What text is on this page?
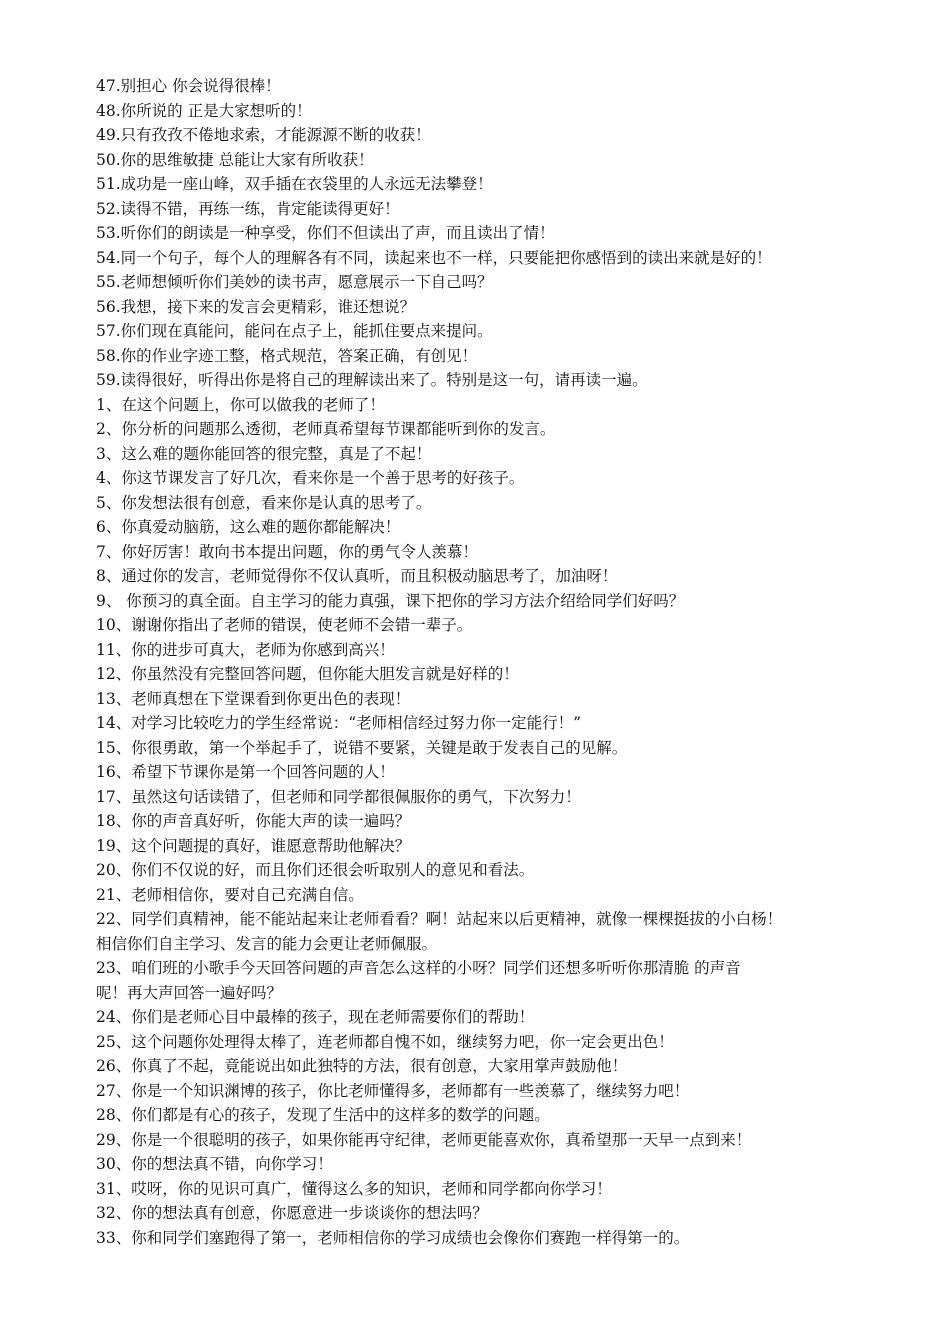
47.别担心 你会说得很棒！
48.你所说的 正是大家想听的！
49.只有孜孜不倦地求索，才能源源不断的收获！
50.你的思维敏捷 总能让大家有所收获！
51.成功是一座山峰，双手插在衣袋里的人永远无法攀登！
52.读得不错，再练一练，肯定能读得更好！
53.听你们的朗读是一种享受，你们不但读出了声，而且读出了情！
54.同一个句子，每个人的理解各有不同，读起来也不一样，只要能把你感悟到的读出来就是好的！
55.老师想倾听你们美妙的读书声，愿意展示一下自己吗？
56.我想，接下来的发言会更精彩，谁还想说？
57.你们现在真能问，能问在点子上，能抓住要点来提问。
58.你的作业字迹工整，格式规范，答案正确，有创见！
59.读得很好，听得出你是将自己的理解读出来了。特别是这一句，请再读一遍。
1、在这个问题上，你可以做我的老师了！
2、你分析的问题那么透彻，老师真希望每节课都能听到你的发言。
3、这么难的题你能回答的很完整，真是了不起！
4、你这节课发言了好几次，看来你是一个善于思考的好孩子。
5、你发想法很有创意，看来你是认真的思考了。
6、你真爱动脑筋，这么难的题你都能解决！
7、你好厉害！敢向书本提出问题，你的勇气令人羡慕！
8、通过你的发言，老师觉得你不仅认真听，而且积极动脑思考了，加油呀！
9、 你预习的真全面。自主学习的能力真强，课下把你的学习方法介绍给同学们好吗？
10、谢谢你指出了老师的错误，使老师不会错一辈子。
11、你的进步可真大，老师为你感到高兴！
12、你虽然没有完整回答问题，但你能大胆发言就是好样的！
13、老师真想在下堂课看到你更出色的表现！
14、对学习比较吃力的学生经常说：“老师相信经过努力你一定能行！”
15、你很勇敢，第一个举起手了，说错不要紧，关键是敢于发表自己的见解。
16、希望下节课你是第一个回答问题的人！
17、虽然这句话读错了，但老师和同学都很佩服你的勇气，下次努力！
18、你的声音真好听，你能大声的读一遍吗？
19、这个问题提的真好，谁愿意帮助他解决？
20、你们不仅说的好，而且你们还很会听取别人的意见和看法。
21、老师相信你，要对自己充满自信。
22、同学们真精神，能不能站起来让老师看看？啊！站起来以后更精神，就像一棵棵挺拔的小白杨！
相信你们自主学习、发言的能力会更让老师佩服。
23、咱们班的小歌手今天回答问题的声音怎么这样的小呀？同学们还想多听听你那清脆 的声音
呢！再大声回答一遍好吗？
24、你们是老师心目中最棒的孩子，现在老师需要你们的帮助！
25、这个问题你处理得太棒了，连老师都自愧不如，继续努力吧，你一定会更出色！
26、你真了不起，竟能说出如此独特的方法，很有创意，大家用掌声鼓励他！
27、你是一个知识渊博的孩子，你比老师懂得多，老师都有一些羡慕了，继续努力吧！
28、你们都是有心的孩子，发现了生活中的这样多的数学的问题。
29、你是一个很聪明的孩子，如果你能再守纪律，老师更能喜欢你，真希望那一天早一点到来！
30、你的想法真不错，向你学习！
31、哎呀，你的见识可真广，懂得这么多的知识，老师和同学都向你学习！
32、你的想法真有创意，你愿意进一步谈谈你的想法吗？
33、你和同学们塞跑得了第一，老师相信你的学习成绩也会像你们赛跑一样得第一的。
